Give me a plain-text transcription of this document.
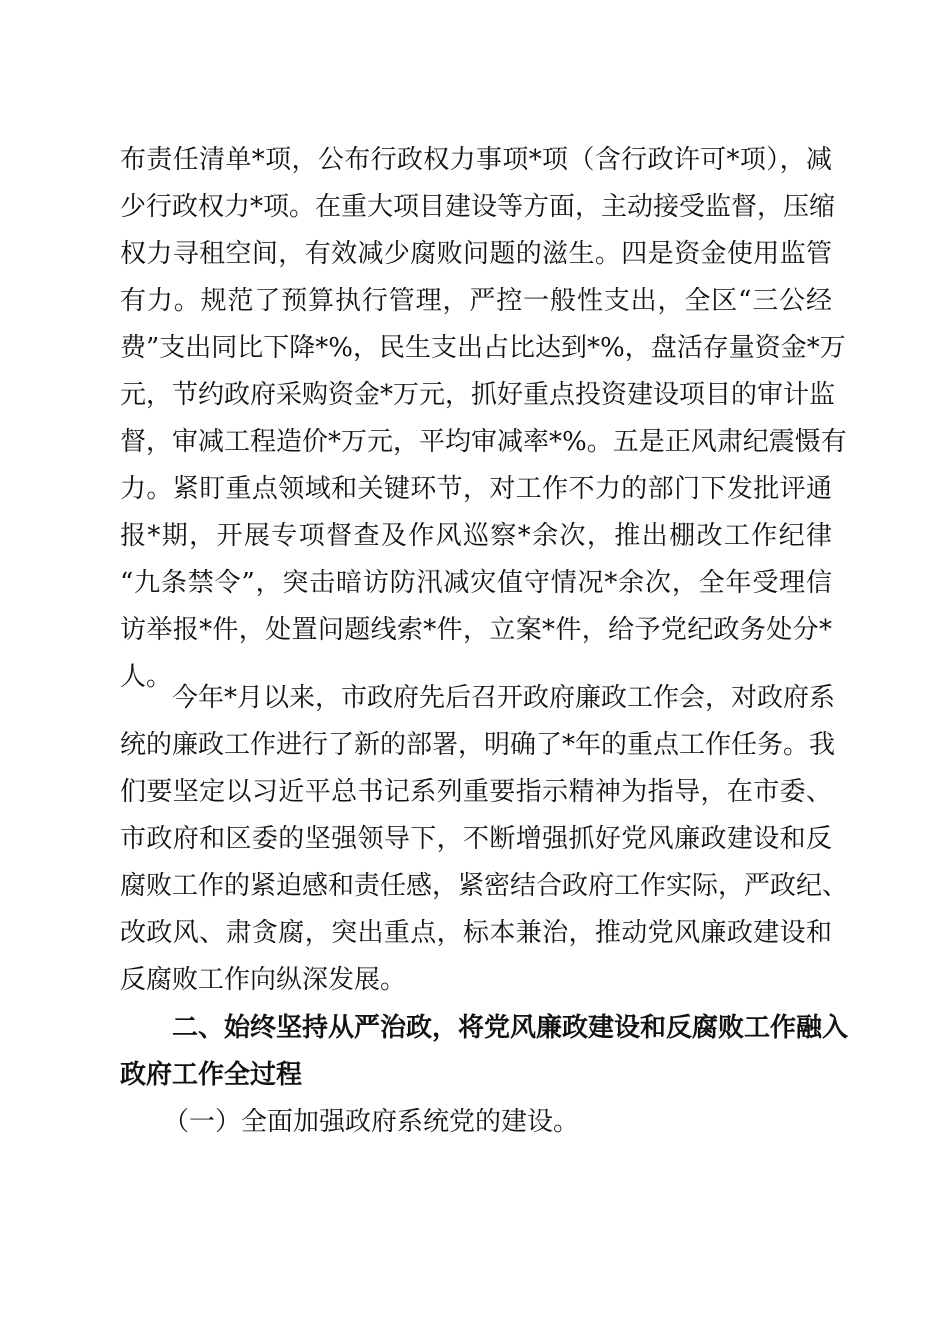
布责任清单*项，公布行政权力事项*项（含行政许可*项），减
少行政权力*项。在重大项目建设等方面，主动接受监督，压缩
权力寻租空间，有效减少腐败问题的滋生。四是资金使用监管
有力。规范了预算执行管理，严控一般性支出，全区“三公经
费”支出同比下降*%，民生支出占比达到*%，盘活存量资金*万
元，节约政府采购资金*万元，抓好重点投资建设项目的审计监
督，审减工程造价*万元，平均审减率*%。五是正风肃纪震慑有
力。紧盯重点领域和关键环节，对工作不力的部门下发批评通
报*期，开展专项督查及作风巡察*余次，推出棚改工作纪律
“九条禁令”，突击暗访防汛减灾值守情况*余次，全年受理信
访举报*件，处置问题线索*件，立案*件，给予党纪政务处分*
人。
今年*月以来，市政府先后召开政府廉政工作会，对政府系
统的廉政工作进行了新的部署，明确了*年的重点工作任务。我
们要坚定以习近平总书记系列重要指示精神为指导，在市委、
市政府和区委的坚强领导下，不断增强抓好党风廉政建设和反
腐败工作的紧迫感和责任感，紧密结合政府工作实际，严政纪、
改政风、肃贪腐，突出重点，标本兼治，推动党风廉政建设和
反腐败工作向纵深发展。
二、始终坚持从严治政，将党风廉政建设和反腐败工作融入
政府工作全过程
（一）全面加强政府系统党的建设。
